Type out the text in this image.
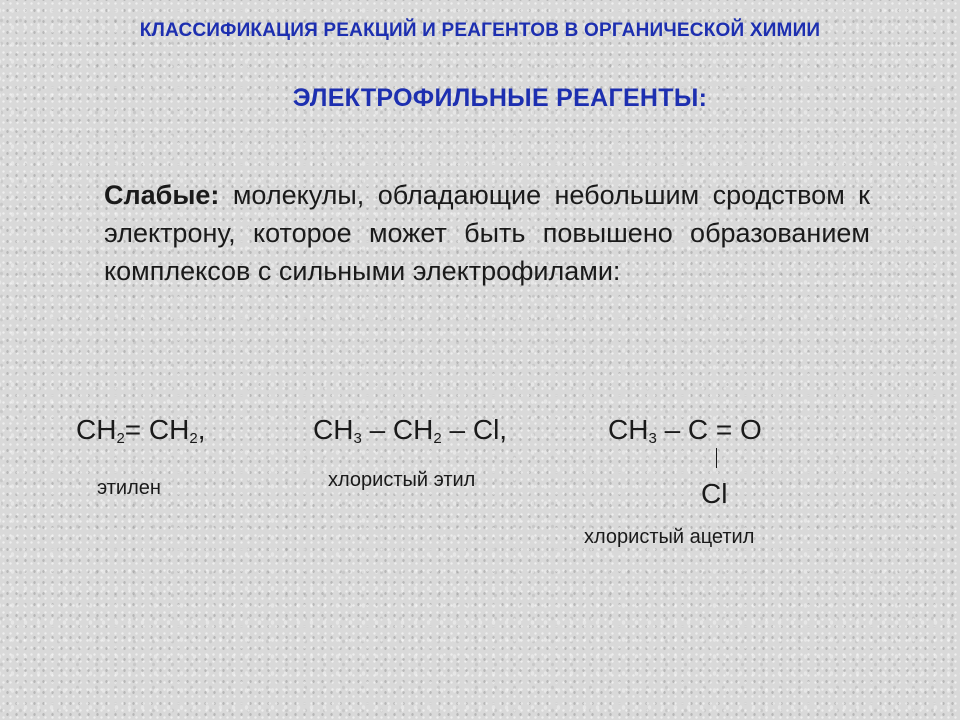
КЛАССИФИКАЦИЯ РЕАКЦИЙ И РЕАГЕНТОВ В ОРГАНИЧЕСКОЙ ХИМИИ
ЭЛЕКТРОФИЛЬНЫЕ РЕАГЕНТЫ:
Слабые: молекулы, обладающие небольшим сродством к электрону, которое может быть повышено образованием комплексов с сильными электрофилами:
$CH_2= CH_2$,
этилен
$CH_3 - CH_2$ – Cl,
хлористый этил
$CH_3 - C = O$
Cl
хлористый ацетил
